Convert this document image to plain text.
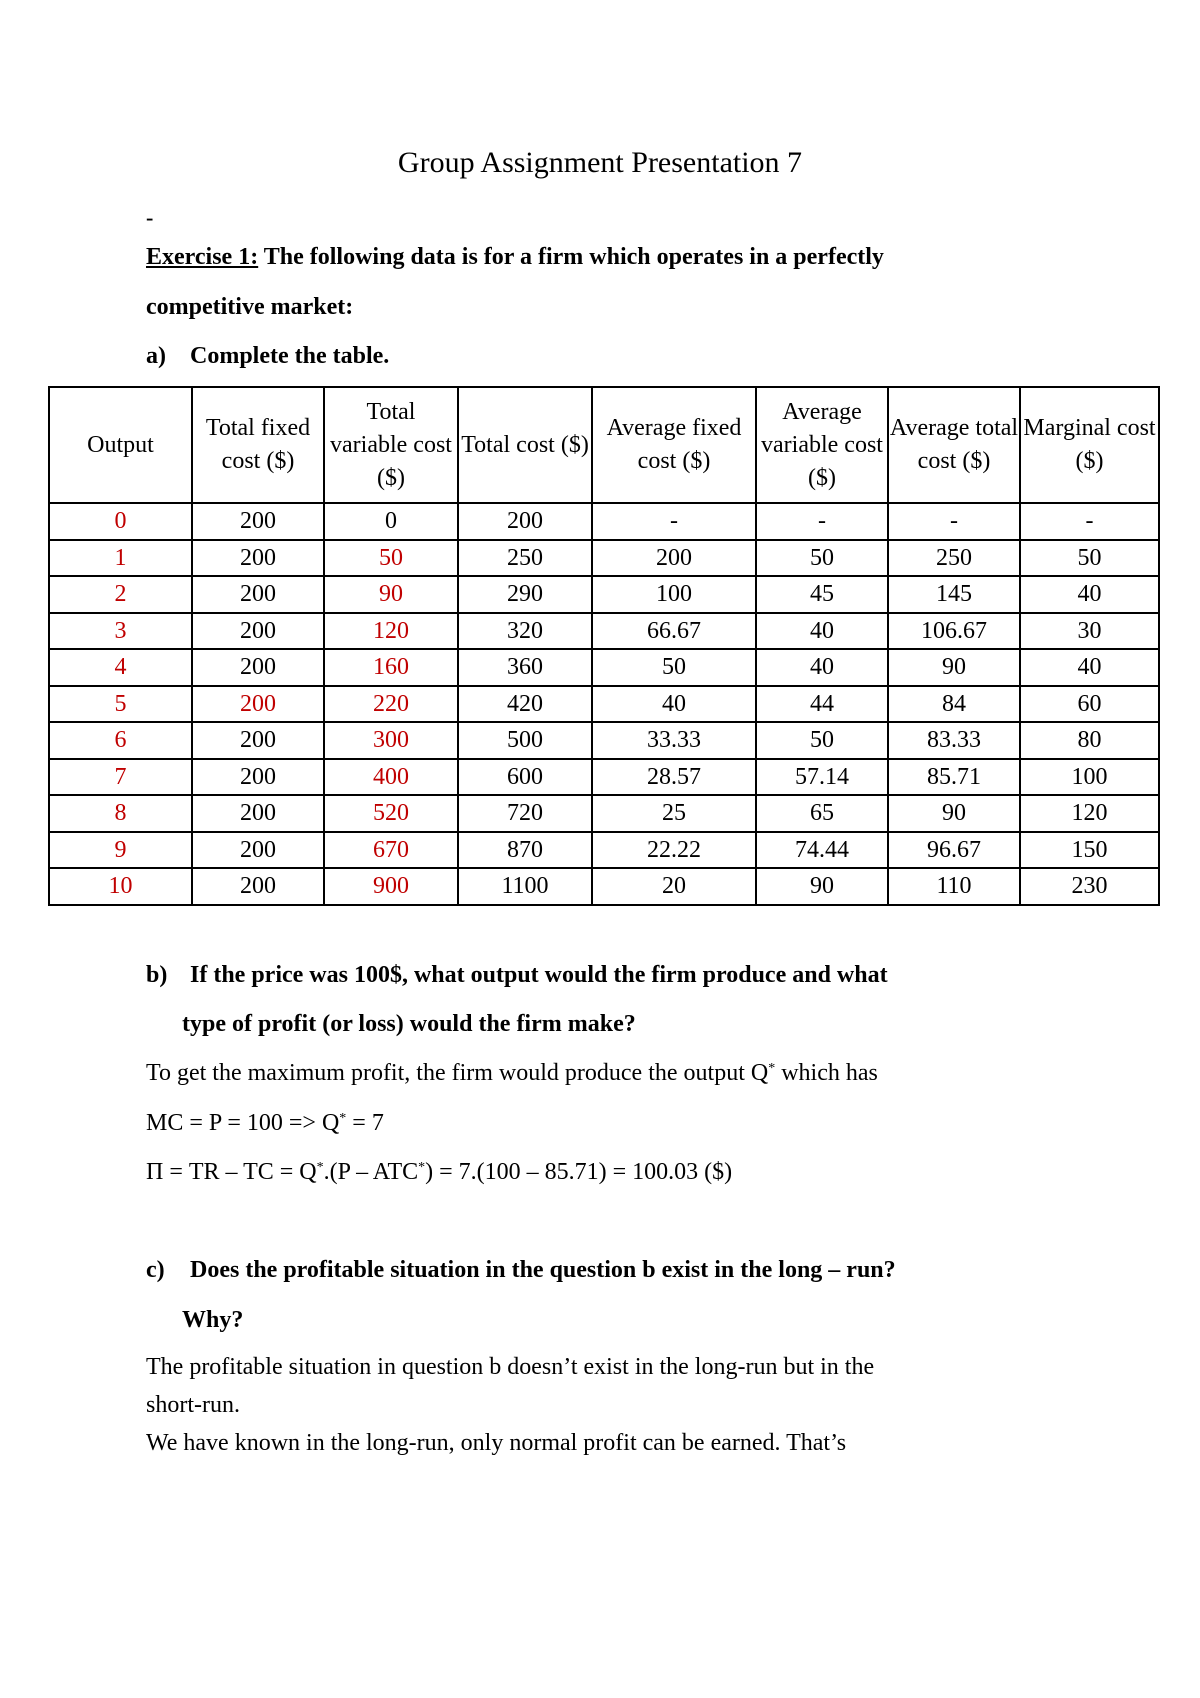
Group Assignment Presentation 7
-
Exercise 1: The following data is for a firm which operates in a perfectly
competitive market:
a) Complete the table.
Output	Total fixed cost ($)	Total variable cost ($)	Total cost ($)	Average fixed cost ($)	Average variable cost ($)	Average total cost ($)	Marginal cost ($)
0	200	0	200	-	-	-	-
1	200	50	250	200	50	250	50
2	200	90	290	100	45	145	40
3	200	120	320	66.67	40	106.67	30
4	200	160	360	50	40	90	40
5	200	220	420	40	44	84	60
6	200	300	500	33.33	50	83.33	80
7	200	400	600	28.57	57.14	85.71	100
8	200	520	720	25	65	90	120
9	200	670	870	22.22	74.44	96.67	150
10	200	900	1100	20	90	110	230
b) If the price was 100$, what output would the firm produce and what
type of profit (or loss) would the firm make?
To get the maximum profit, the firm would produce the output Q* which has
MC = P = 100 => Q* = 7
Π = TR – TC = Q*.(P – ATC*) = 7.(100 – 85.71) = 100.03 ($)
c) Does the profitable situation in the question b exist in the long – run?
Why?
The profitable situation in question b doesn’t exist in the long-run but in the
short-run.
We have known in the long-run, only normal profit can be earned. That’s
